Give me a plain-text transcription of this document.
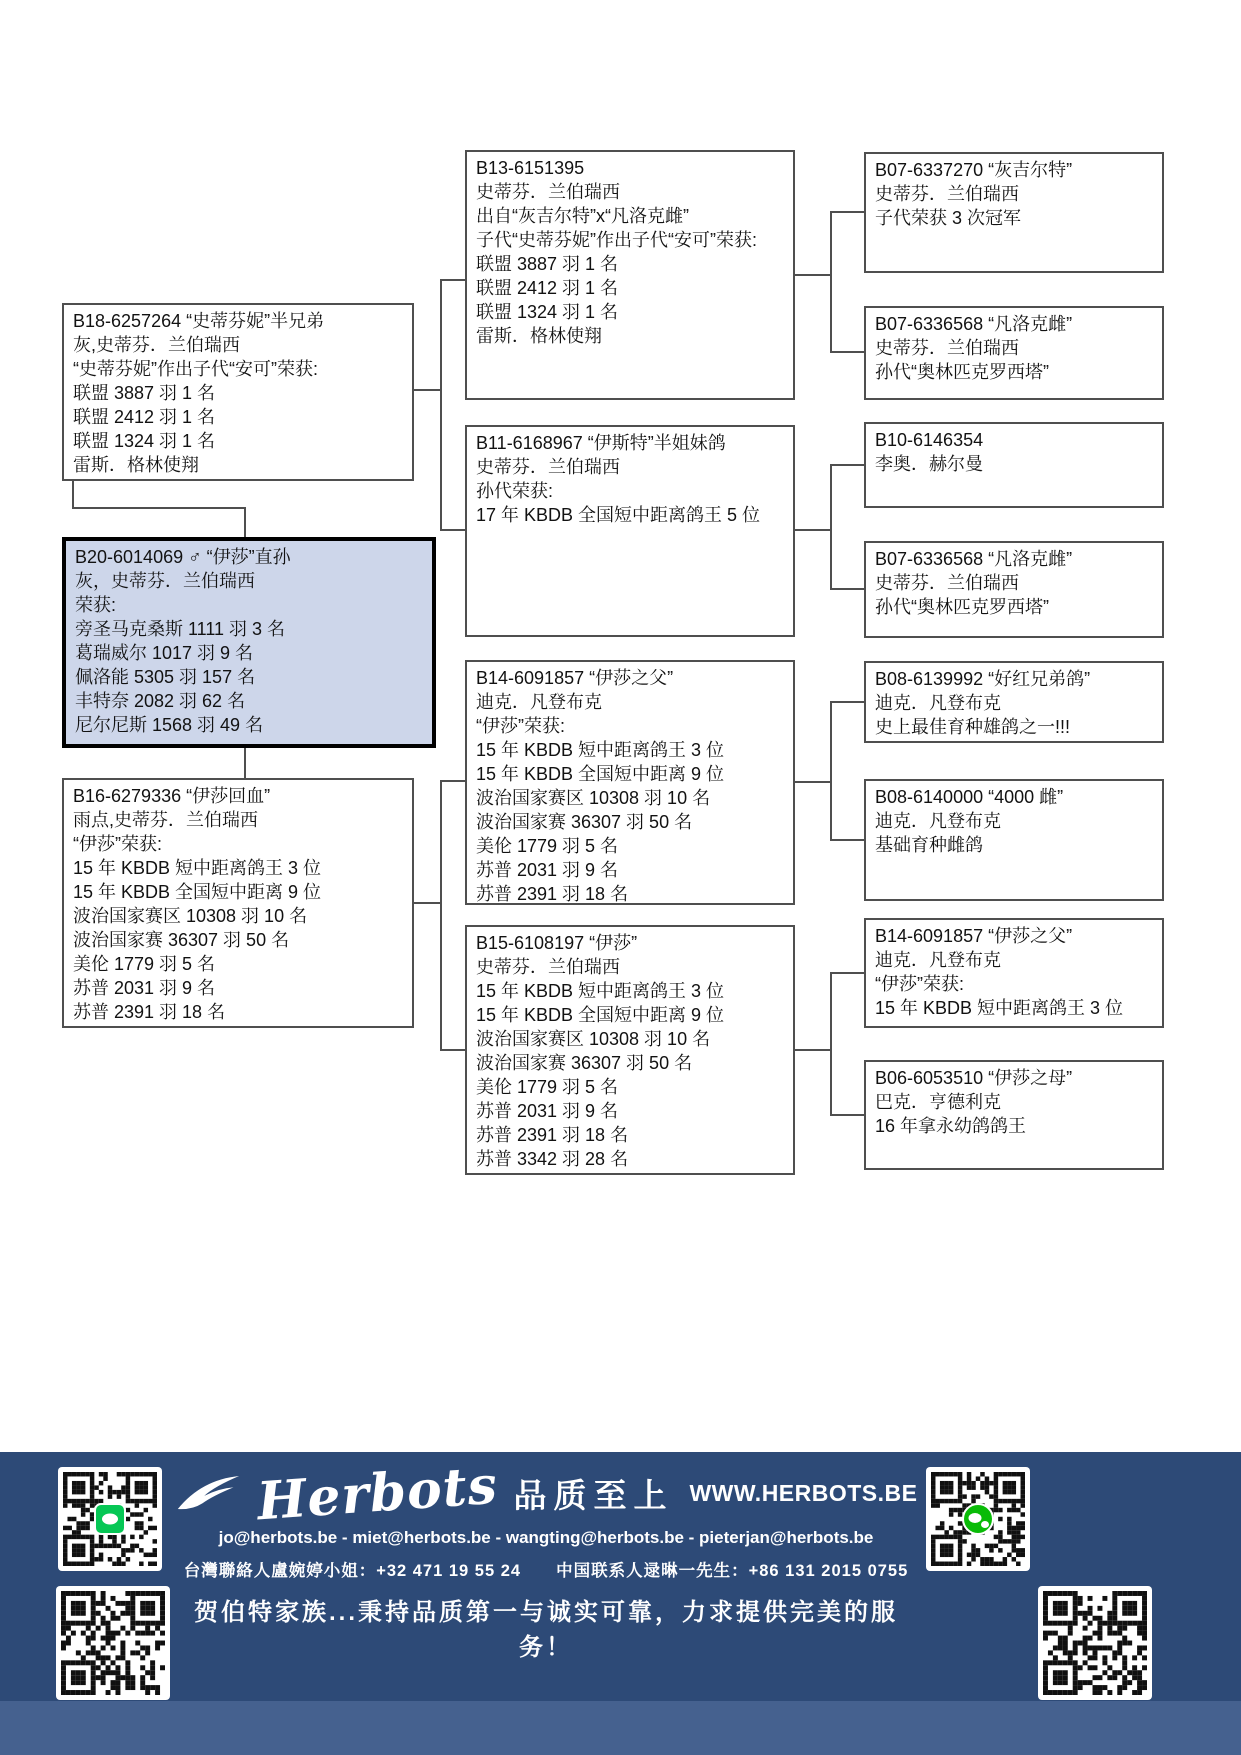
B18-6257264 “史蒂芬妮”半兄弟
灰,史蒂芬．兰伯瑞西
“史蒂芬妮”作出子代“安可”荣获:
联盟 3887 羽 1 名
联盟 2412 羽 1 名
联盟 1324 羽 1 名
雷斯．格林使翔
B20-6014069 ♂ “伊莎”直孙
灰，史蒂芬．兰伯瑞西
荣获:
旁圣马克桑斯 1111 羽 3 名
葛瑞威尔 1017 羽 9 名
佩洛能 5305 羽 157 名
丰特奈 2082 羽 62 名
尼尔尼斯 1568 羽 49 名
B16-6279336 “伊莎回血”
雨点,史蒂芬．兰伯瑞西
“伊莎”荣获:
15 年 KBDB 短中距离鸽王 3 位
15 年 KBDB 全国短中距离 9 位
波治国家赛区 10308 羽 10 名
波治国家赛 36307 羽 50 名
美伦 1779 羽 5 名
苏普 2031 羽 9 名
苏普 2391 羽 18 名
B13-6151395
史蒂芬．兰伯瑞西
出自“灰吉尔特”x“凡洛克雌”
子代“史蒂芬妮”作出子代“安可”荣获:
联盟 3887 羽 1 名
联盟 2412 羽 1 名
联盟 1324 羽 1 名
雷斯．格林使翔
B11-6168967 “伊斯特”半姐妹鸽
史蒂芬．兰伯瑞西
孙代荣获:
17 年 KBDB 全国短中距离鸽王 5 位
B14-6091857 “伊莎之父”
迪克．凡登布克
“伊莎”荣获:
15 年 KBDB 短中距离鸽王 3 位
15 年 KBDB 全国短中距离 9 位
波治国家赛区 10308 羽 10 名
波治国家赛 36307 羽 50 名
美伦 1779 羽 5 名
苏普 2031 羽 9 名
苏普 2391 羽 18 名
B15-6108197 “伊莎”
史蒂芬．兰伯瑞西
15 年 KBDB 短中距离鸽王 3 位
15 年 KBDB 全国短中距离 9 位
波治国家赛区 10308 羽 10 名
波治国家赛 36307 羽 50 名
美伦 1779 羽 5 名
苏普 2031 羽 9 名
苏普 2391 羽 18 名
苏普 3342 羽 28 名
B07-6337270 “灰吉尔特”
史蒂芬．兰伯瑞西
子代荣获 3 次冠军
B07-6336568 “凡洛克雌”
史蒂芬．兰伯瑞西
孙代“奥林匹克罗西塔”
B10-6146354
李奥．赫尔曼
B07-6336568 “凡洛克雌”
史蒂芬．兰伯瑞西
孙代“奥林匹克罗西塔”
B08-6139992 “好红兄弟鸽”
迪克．凡登布克
史上最佳育种雄鸽之一!!!
B08-6140000 “4000 雌”
迪克．凡登布克
基础育种雌鸽
B14-6091857 “伊莎之父”
迪克．凡登布克
“伊莎”荣获:
15 年 KBDB 短中距离鸽王 3 位
B06-6053510 “伊莎之母”
巴克．亨德利克
16 年拿永幼鸽鸽王
Herbots 品质至上 WWW.HERBOTS.BE
jo@herbots.be - miet@herbots.be - wangting@herbots.be - pieterjan@herbots.be
台灣聯絡人盧婉婷小姐：+32 471 19 55 24　　中国联系人逯晽一先生：+86 131 2015 0755
贺伯特家族...秉持品质第一与诚实可靠，力求提供完美的服务！
